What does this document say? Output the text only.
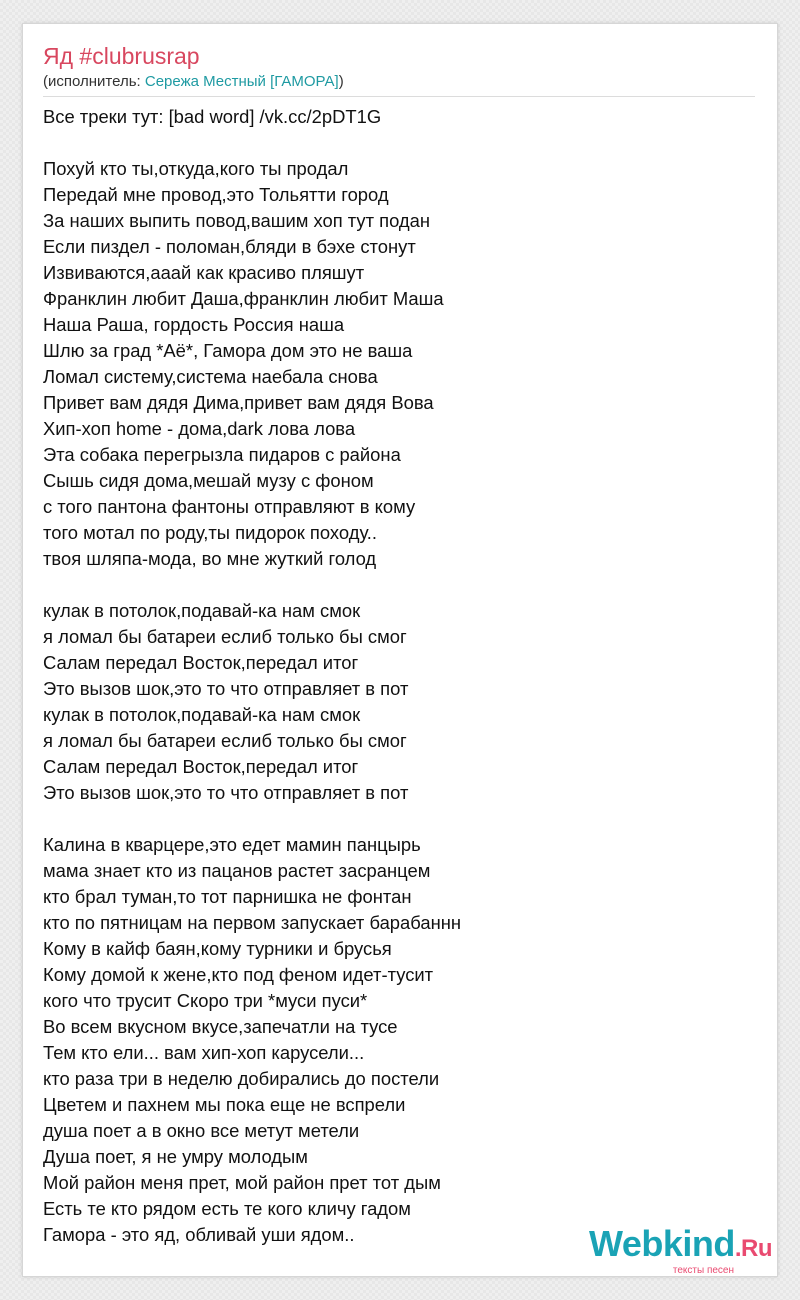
Яд #clubrusrap
(исполнитель: Сережа Местный [ГАМОРА])
Все треки тут: [bad word] /vk.cc/2pDT1G
Похуй кто ты,откуда,кого ты продал
Передай мне провод,это Тольятти город
За наших выпить повод,вашим хоп тут подан
Если пиздел - поломан,бляди в бэхе стонут
Извиваются,ааай как красиво пляшут
Франклин любит Даша,франклин любит Маша
Наша Раша, гордость Россия наша
Шлю за град *Аё*, Гамора дом это не ваша
Ломал систему,система наебала снова
Привет вам дядя Дима,привет вам дядя Вова
Хип-хоп home - дома,dark лова лова
Эта собака перегрызла пидаров с района
Сышь сидя дома,мешай музу с фоном
с того пантона фантоны отправляют в кому
того мотал по роду,ты пидорок походу..
твоя шляпа-мода, во мне жуткий голод
кулак в потолок,подавай-ка нам смок
я ломал бы батареи еслиб только бы смог
Салам передал Восток,передал итог
Это вызов шок,это то что отправляет в пот
кулак в потолок,подавай-ка нам смок
я ломал бы батареи еслиб только бы смог
Салам передал Восток,передал итог
Это вызов шок,это то что отправляет в пот
Калина в кварцере,это едет мамин панцырь
мама знает кто из пацанов растет засранцем
кто брал туман,то тот парнишка не фонтан
кто по пятницам на первом запускает барабаннн
Кому в кайф баян,кому турники и брусья
Кому домой к жене,кто под феном идет-тусит
кого что трусит Скоро три *муси пуси*
Во всем вкусном вкусе,запечатли на тусе
Тем кто ели... вам хип-хоп карусели...
кто раза три в неделю добирались до постели
Цветем и пахнем мы пока еще не вспрели
душа поет а в окно все метут метели
Душа поет, я не умру молодым
Мой район меня прет, мой район прет тот дым
Есть те кто рядом есть те кого кличу гадом
Гамора - это яд, обливай уши ядом..	Webkind.Ru
тексты песен
